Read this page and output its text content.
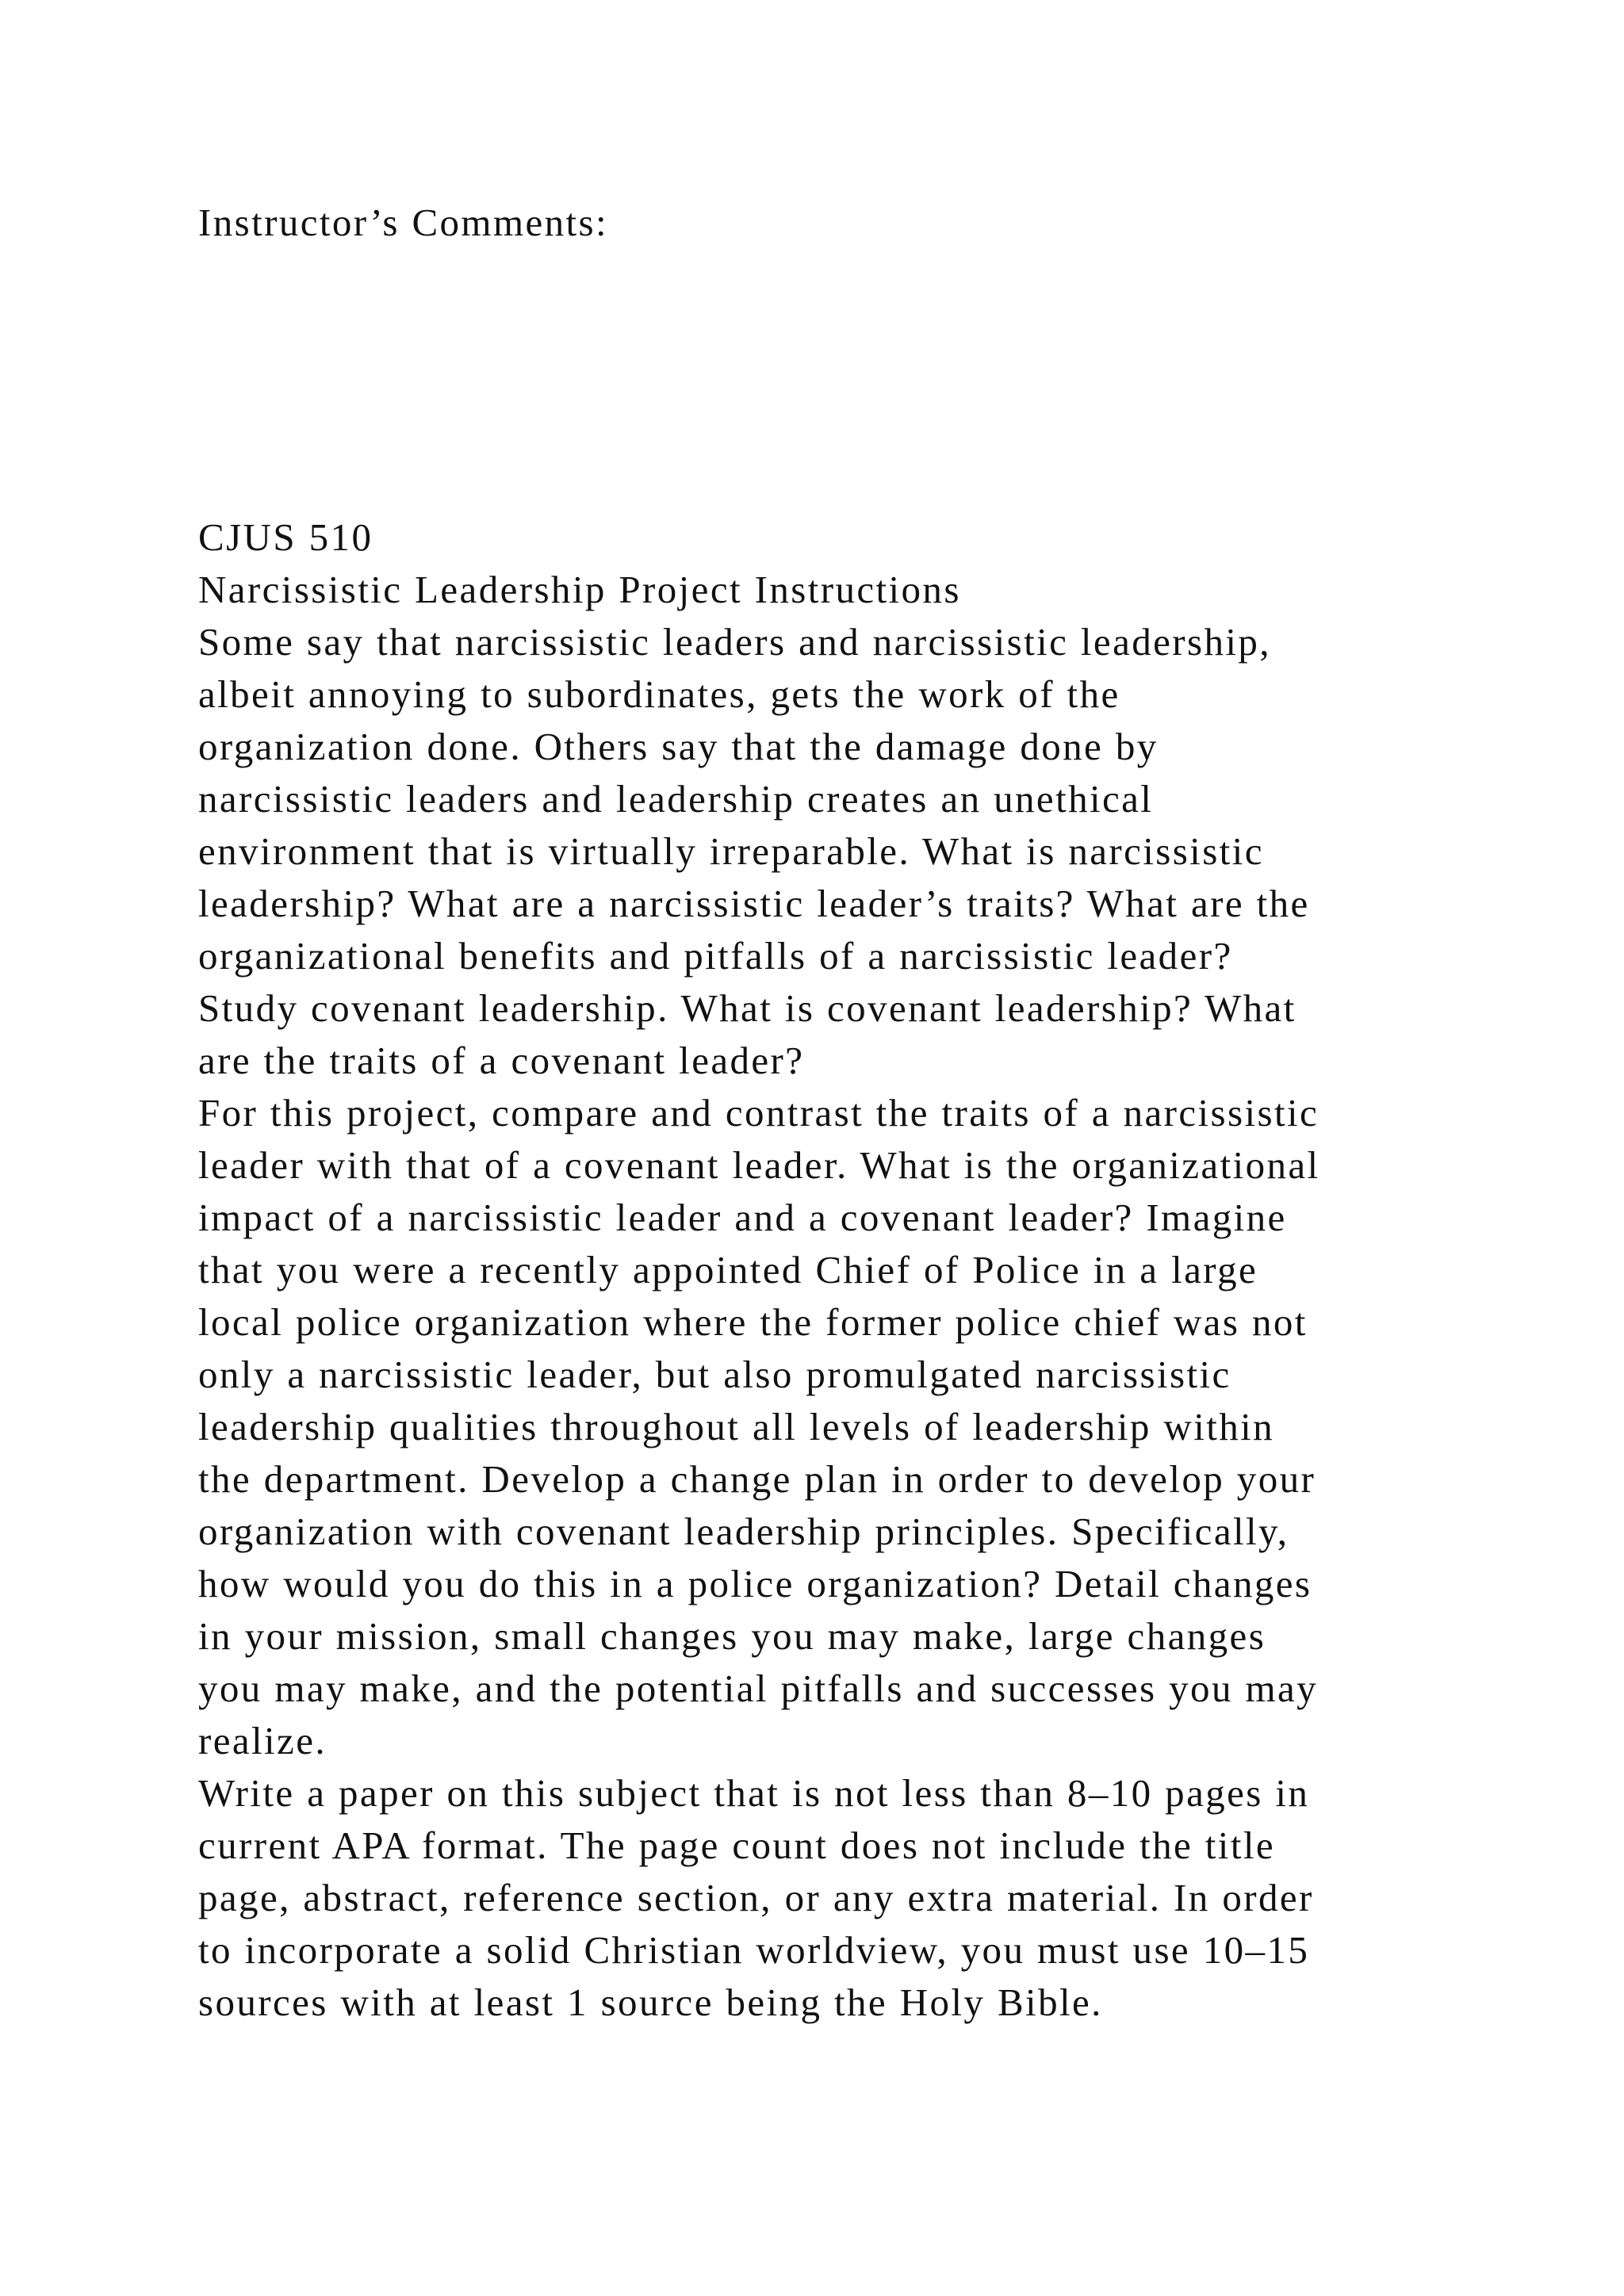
Instructor’s Comments:
CJUS 510
Narcissistic Leadership Project Instructions
Some say that narcissistic leaders and narcissistic leadership,
albeit annoying to subordinates, gets the work of the
organization done. Others say that the damage done by
narcissistic leaders and leadership creates an unethical
environment that is virtually irreparable. What is narcissistic
leadership? What are a narcissistic leader’s traits? What are the
organizational benefits and pitfalls of a narcissistic leader?
Study covenant leadership. What is covenant leadership? What
are the traits of a covenant leader?
For this project, compare and contrast the traits of a narcissistic
leader with that of a covenant leader. What is the organizational
impact of a narcissistic leader and a covenant leader? Imagine
that you were a recently appointed Chief of Police in a large
local police organization where the former police chief was not
only a narcissistic leader, but also promulgated narcissistic
leadership qualities throughout all levels of leadership within
the department. Develop a change plan in order to develop your
organization with covenant leadership principles. Specifically,
how would you do this in a police organization? Detail changes
in your mission, small changes you may make, large changes
you may make, and the potential pitfalls and successes you may
realize.
Write a paper on this subject that is not less than 8–10 pages in
current APA format. The page count does not include the title
page, abstract, reference section, or any extra material. In order
to incorporate a solid Christian worldview, you must use 10–15
sources with at least 1 source being the Holy Bible.
